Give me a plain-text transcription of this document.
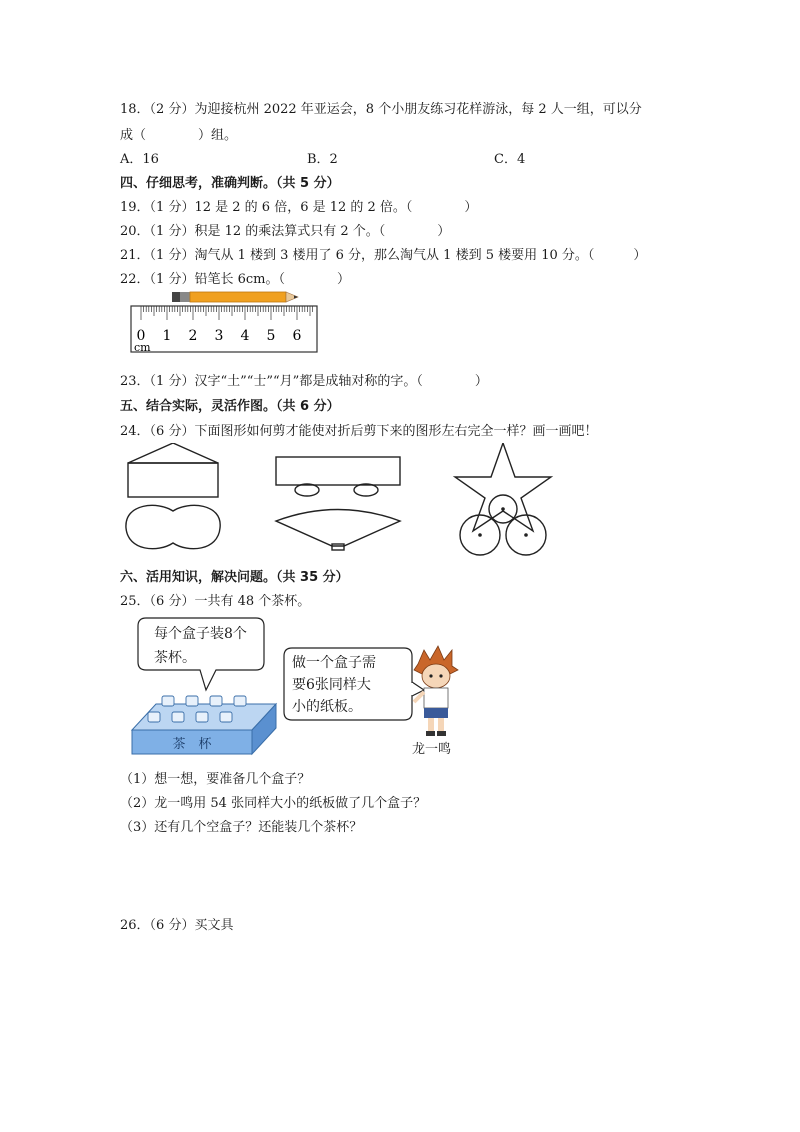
18．（2 分）为迎接杭州 2022 年亚运会，8 个小朋友练习花样游泳，每 2 人一组，可以分
成（　　　　）组。
A．16	B．2	C．4
四、仔细思考，准确判断。（共 5 分）
19．（1 分）12 是 2 的 6 倍，6 是 12 的 2 倍。（　　　　）
20．（1 分）积是 12 的乘法算式只有 2 个。（　　　　）
21．（1 分）淘气从 1 楼到 3 楼用了 6 分，那么淘气从 1 楼到 5 楼要用 10 分。（　　　）
22．（1 分）铅笔长 6cm。（　　　　）
0 1 2 3 4 5 6
cm
23．（1 分）汉字“土”“士”“月”都是成轴对称的字。（　　　　）
五、结合实际，灵活作图。（共 6 分）
24．（6 分）下面图形如何剪才能使对折后剪下来的图形左右完全一样？画一画吧！
六、活用知识，解决问题。（共 35 分）
25．（6 分）一共有 48 个茶杯。
茶　杯
每个盒子装8个
茶杯。	做一个盒子需
要6张同样大
小的纸板。
龙一鸣
（1）想一想，要准备几个盒子？
（2）龙一鸣用 54 张同样大小的纸板做了几个盒子？
（3）还有几个空盒子？还能装几个茶杯？
26．（6 分）买文具
